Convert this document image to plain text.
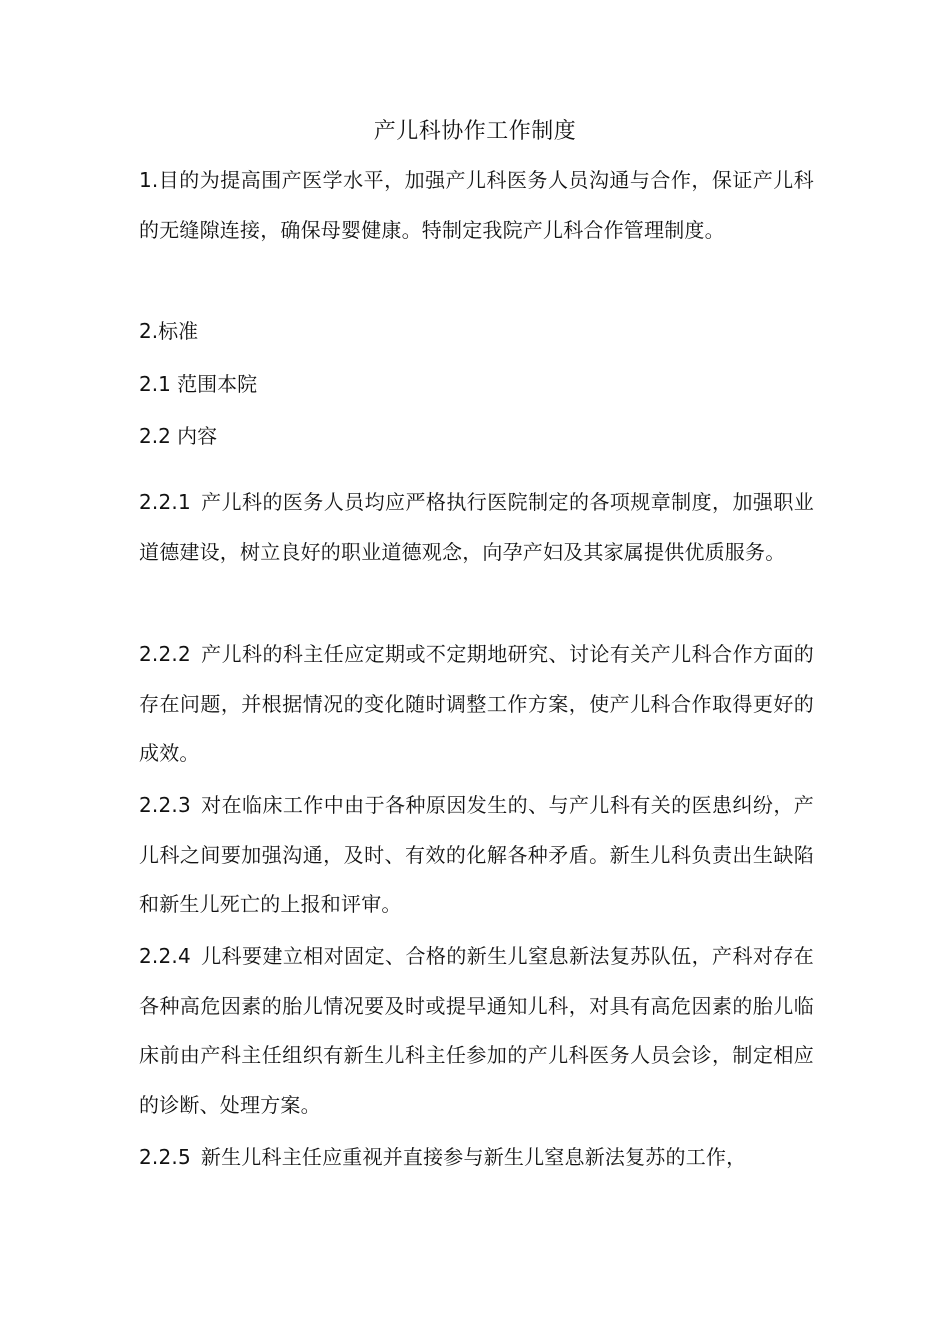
产儿科协作工作制度

1.目的为提高围产医学水平，加强产儿科医务人员沟通与合作，保证产儿科的无缝隙连接，确保母婴健康。特制定我院产儿科合作管理制度。

2.标准

2.1 范围本院

2.2 内容

2.2.1 产儿科的医务人员均应严格执行医院制定的各项规章制度，加强职业道德建设，树立良好的职业道德观念，向孕产妇及其家属提供优质服务。

2.2.2 产儿科的科主任应定期或不定期地研究、讨论有关产儿科合作方面的存在问题，并根据情况的变化随时调整工作方案，使产儿科合作取得更好的成效。

2.2.3 对在临床工作中由于各种原因发生的、与产儿科有关的医患纠纷，产儿科之间要加强沟通，及时、有效的化解各种矛盾。新生儿科负责出生缺陷和新生儿死亡的上报和评审。

2.2.4 儿科要建立相对固定、合格的新生儿窒息新法复苏队伍，产科对存在各种高危因素的胎儿情况要及时或提早通知儿科，对具有高危因素的胎儿临床前由产科主任组织有新生儿科主任参加的产儿科医务人员会诊，制定相应的诊断、处理方案。

2.2.5 新生儿科主任应重视并直接参与新生儿窒息新法复苏的工作，
